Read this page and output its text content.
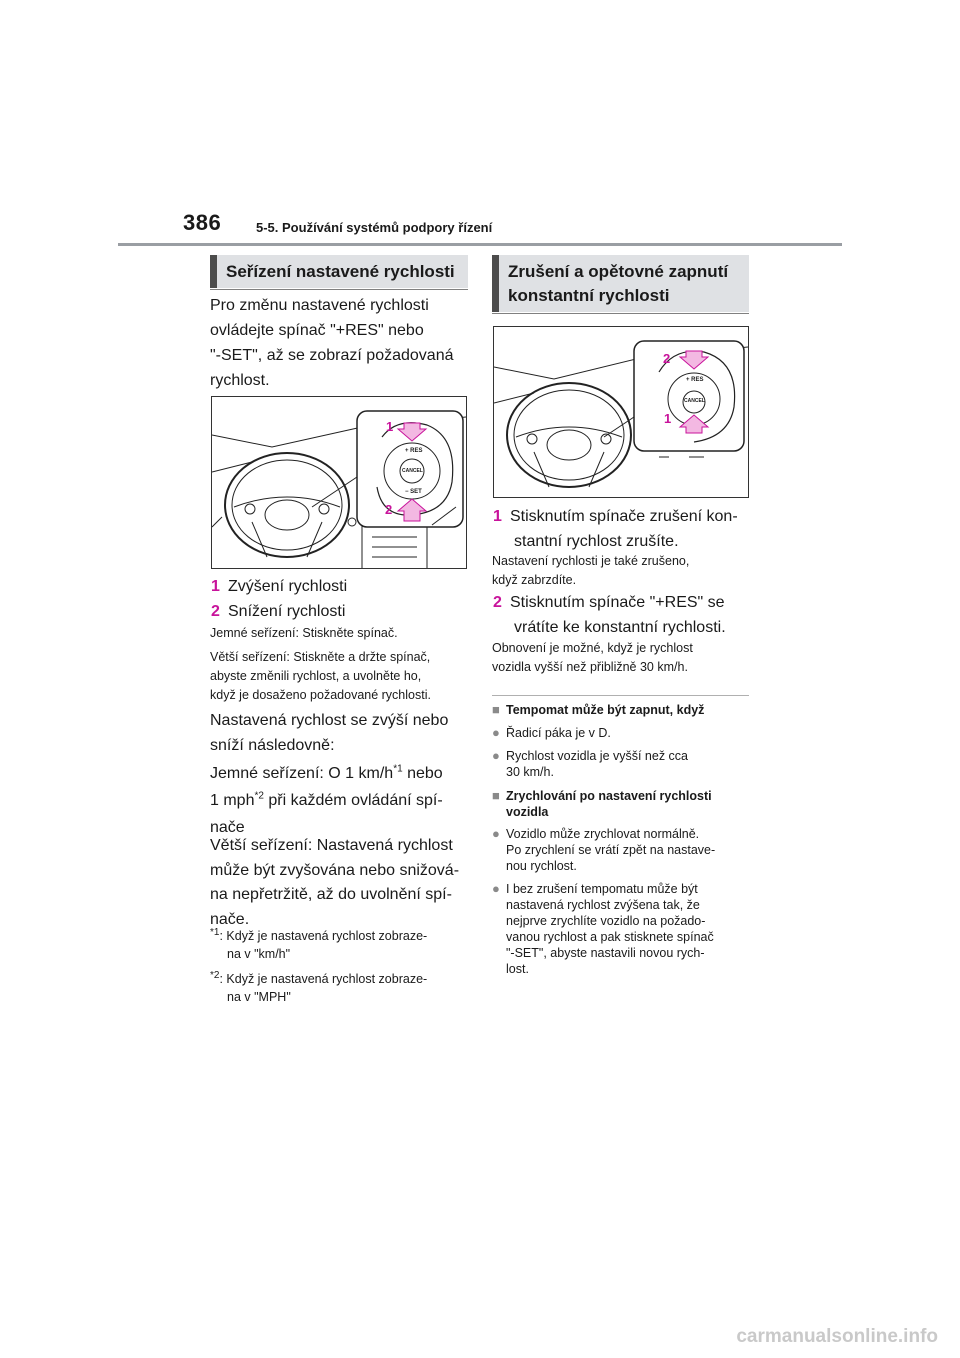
386	5-5. Používání systémů podpory řízení
Seřízení nastavené rychlosti
Pro změnu nastavené rychlosti
ovládejte spínač "+RES" nebo
"-SET", až se zobrazí požadovaná
rychlost.
+ RES
CANCEL
− SET
1
2
1 Zvýšení rychlosti
2 Snížení rychlosti
Jemné seřízení: Stiskněte spínač.
Větší seřízení: Stiskněte a držte spínač,
abyste změnili rychlost, a uvolněte ho,
když je dosaženo požadované rychlosti.
Nastavená rychlost se zvýší nebo
sníží následovně:
Jemné seřízení: O 1 $km/h^{*1}$ nebo
1 mph$^{*2}$ při každém ovládání spí-
nače
Větší seřízení: Nastavená rychlost
může být zvyšována nebo snižová-
na nepřetržitě, až do uvolnění spí-
nače.
$^{*1}$: Když je nastavená rychlost zobraze-
na v "km/h"
$^{*2}$: Když je nastavená rychlost zobraze-
na v "MPH"
Zrušení a opětovné zapnutí
konstantní rychlosti
+ RES
CANCEL
2
1
1 Stisknutím spínače zrušení kon-
stantní rychlost zrušíte.
Nastavení rychlosti je také zrušeno,
když zabrzdíte.
2 Stisknutím spínače "+RES" se
vrátíte ke konstantní rychlosti.
Obnovení je možné, když je rychlost
vozidla vyšší než přibližně 30 km/h.
■ Tempomat může být zapnut, když
● Řadicí páka je v D.
● Rychlost vozidla je vyšší než cca
30 km/h.
■ Zrychlování po nastavení rychlosti
vozidla
● Vozidlo může zrychlovat normálně.
Po zrychlení se vrátí zpět na nastave-
nou rychlost.
● I bez zrušení tempomatu může být
nastavená rychlost zvýšena tak, že
nejprve zrychlíte vozidlo na požado-
vanou rychlost a pak stisknete spínač
"-SET", abyste nastavili novou rych-
lost.
carmanualsonline.info
